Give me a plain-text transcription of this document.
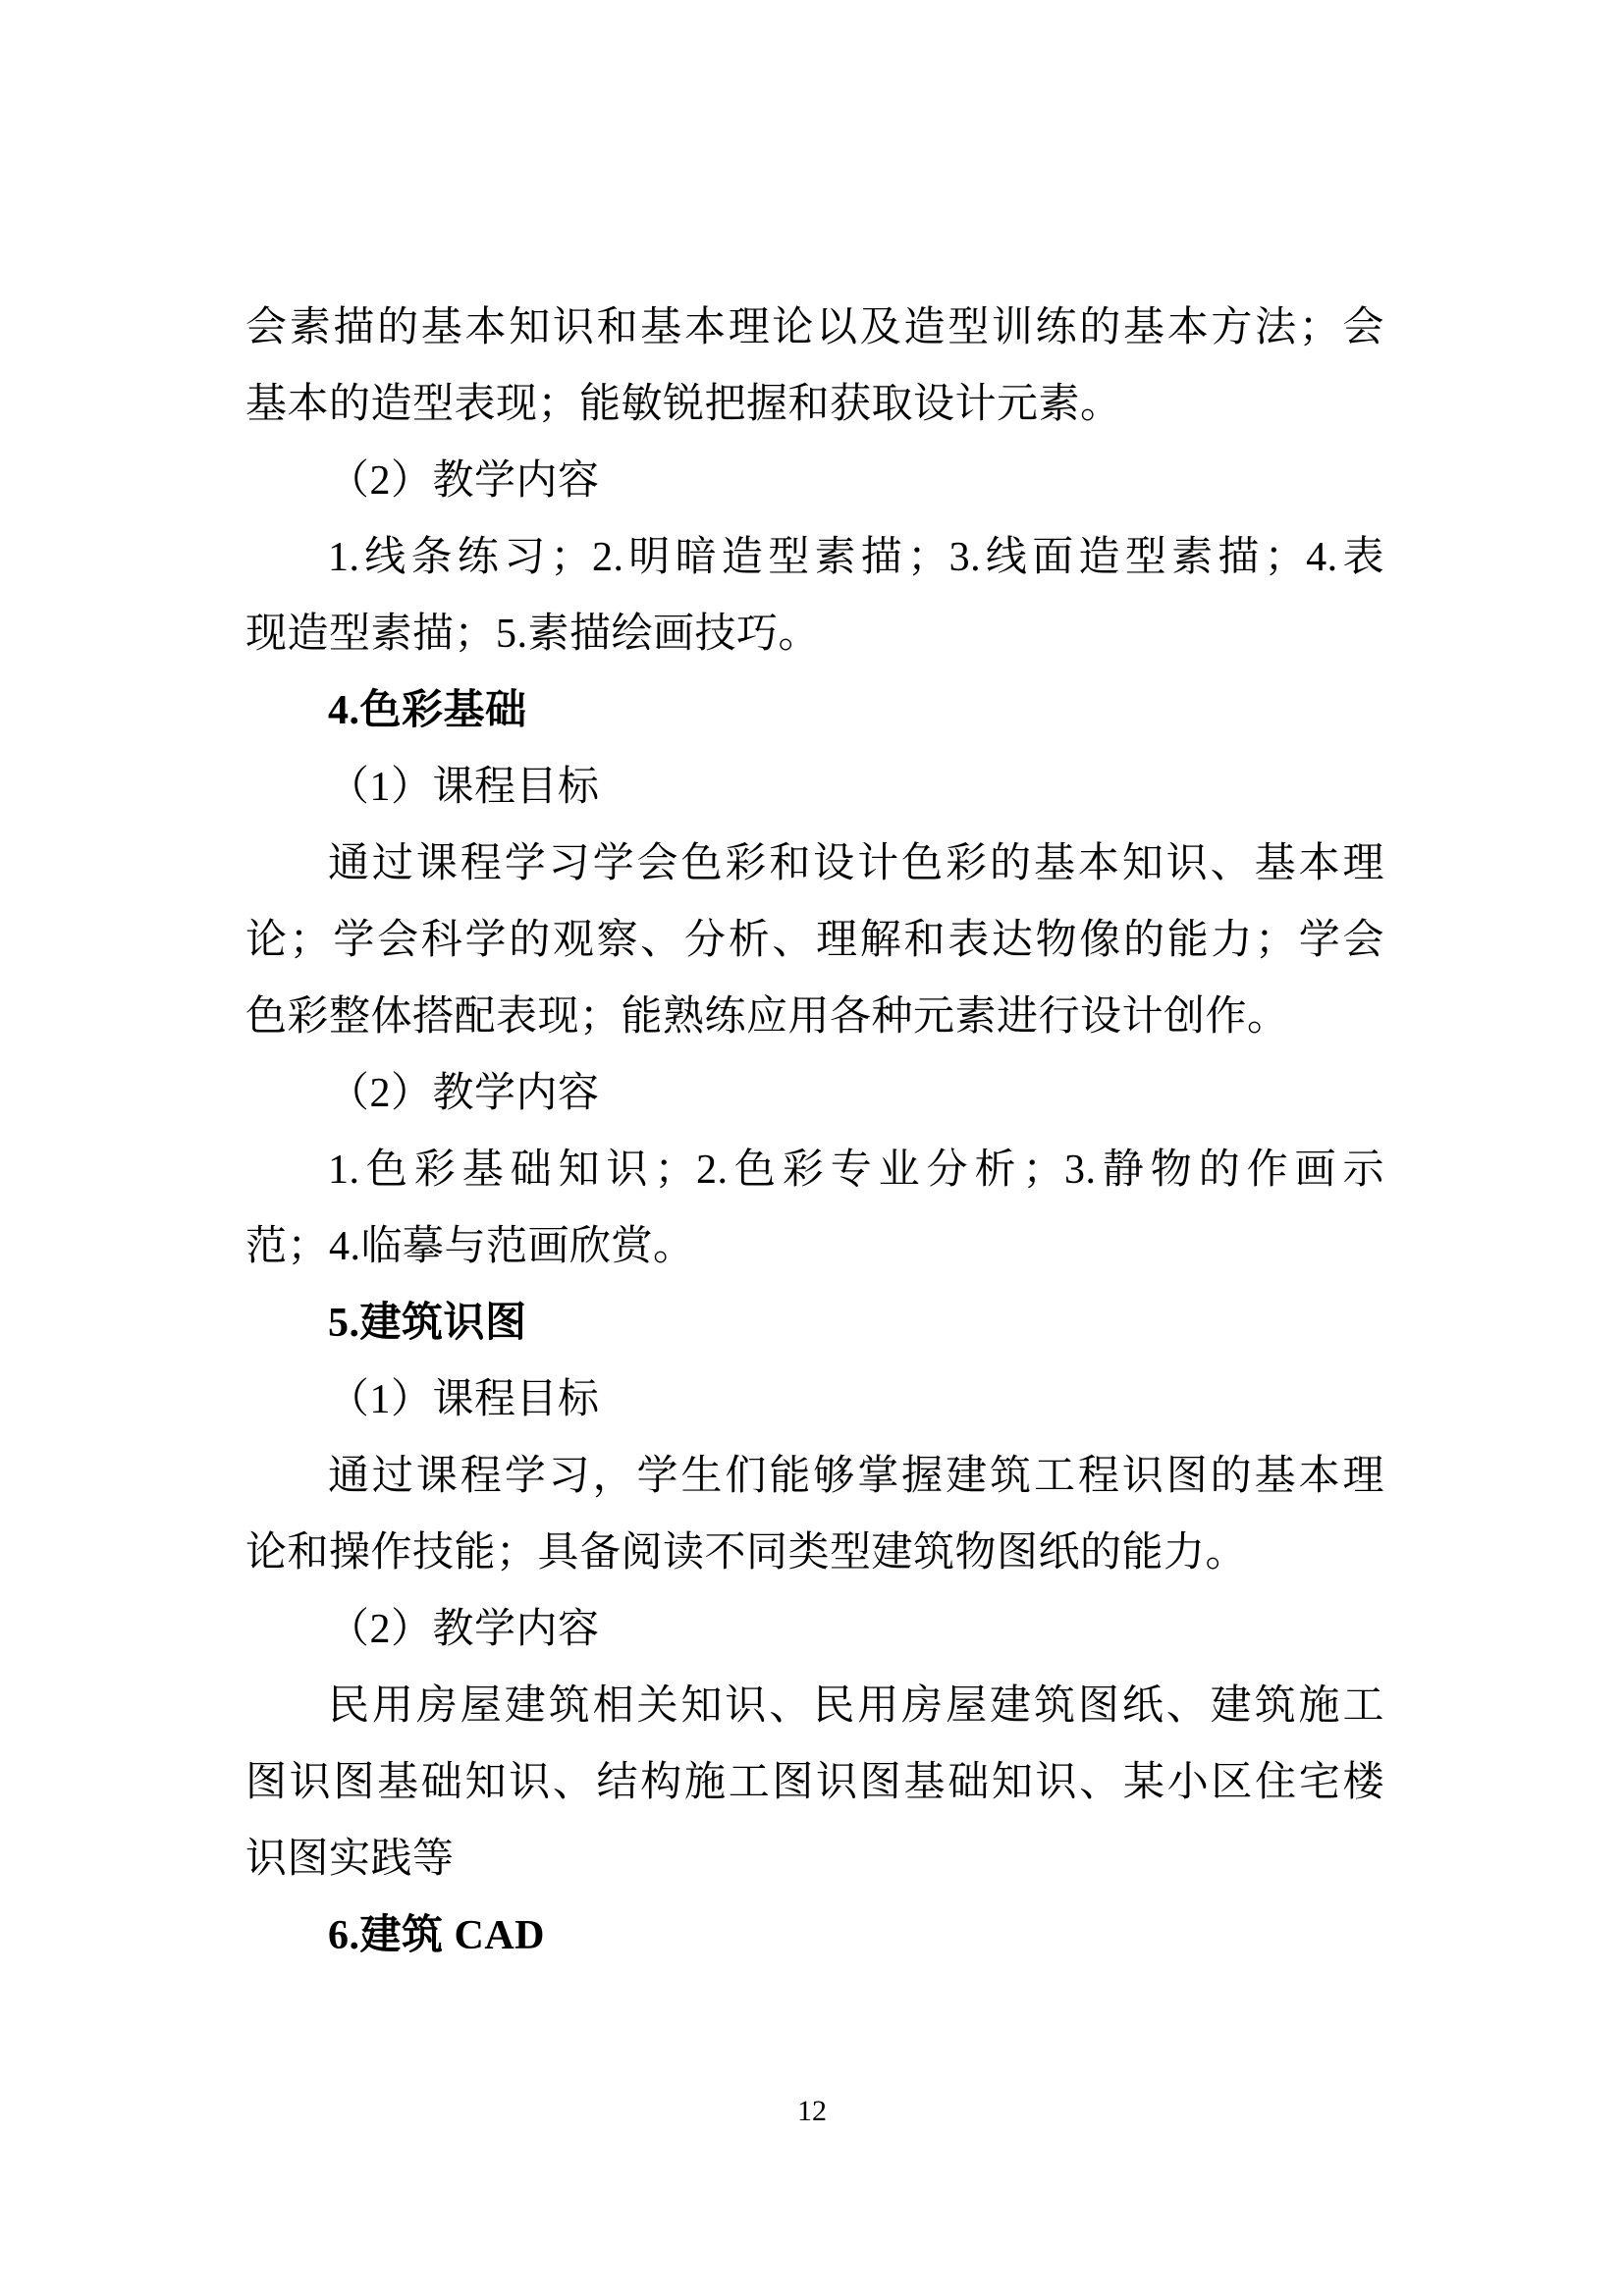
会素描的基本知识和基本理论以及造型训练的基本方法；会
基本的造型表现；能敏锐把握和获取设计元素。
（2）教学内容
1.线条练习；2.明暗造型素描；3.线面造型素描；4.表
现造型素描；5.素描绘画技巧。
4.色彩基础
（1）课程目标
通过课程学习学会色彩和设计色彩的基本知识、基本理
论；学会科学的观察、分析、理解和表达物像的能力；学会
色彩整体搭配表现；能熟练应用各种元素进行设计创作。
（2）教学内容
1.色彩基础知识；2.色彩专业分析；3.静物的作画示
范；4.临摹与范画欣赏。
5.建筑识图
（1）课程目标
通过课程学习，学生们能够掌握建筑工程识图的基本理
论和操作技能；具备阅读不同类型建筑物图纸的能力。
（2）教学内容
民用房屋建筑相关知识、民用房屋建筑图纸、建筑施工
图识图基础知识、结构施工图识图基础知识、某小区住宅楼
识图实践等
6.建筑 CAD
12
